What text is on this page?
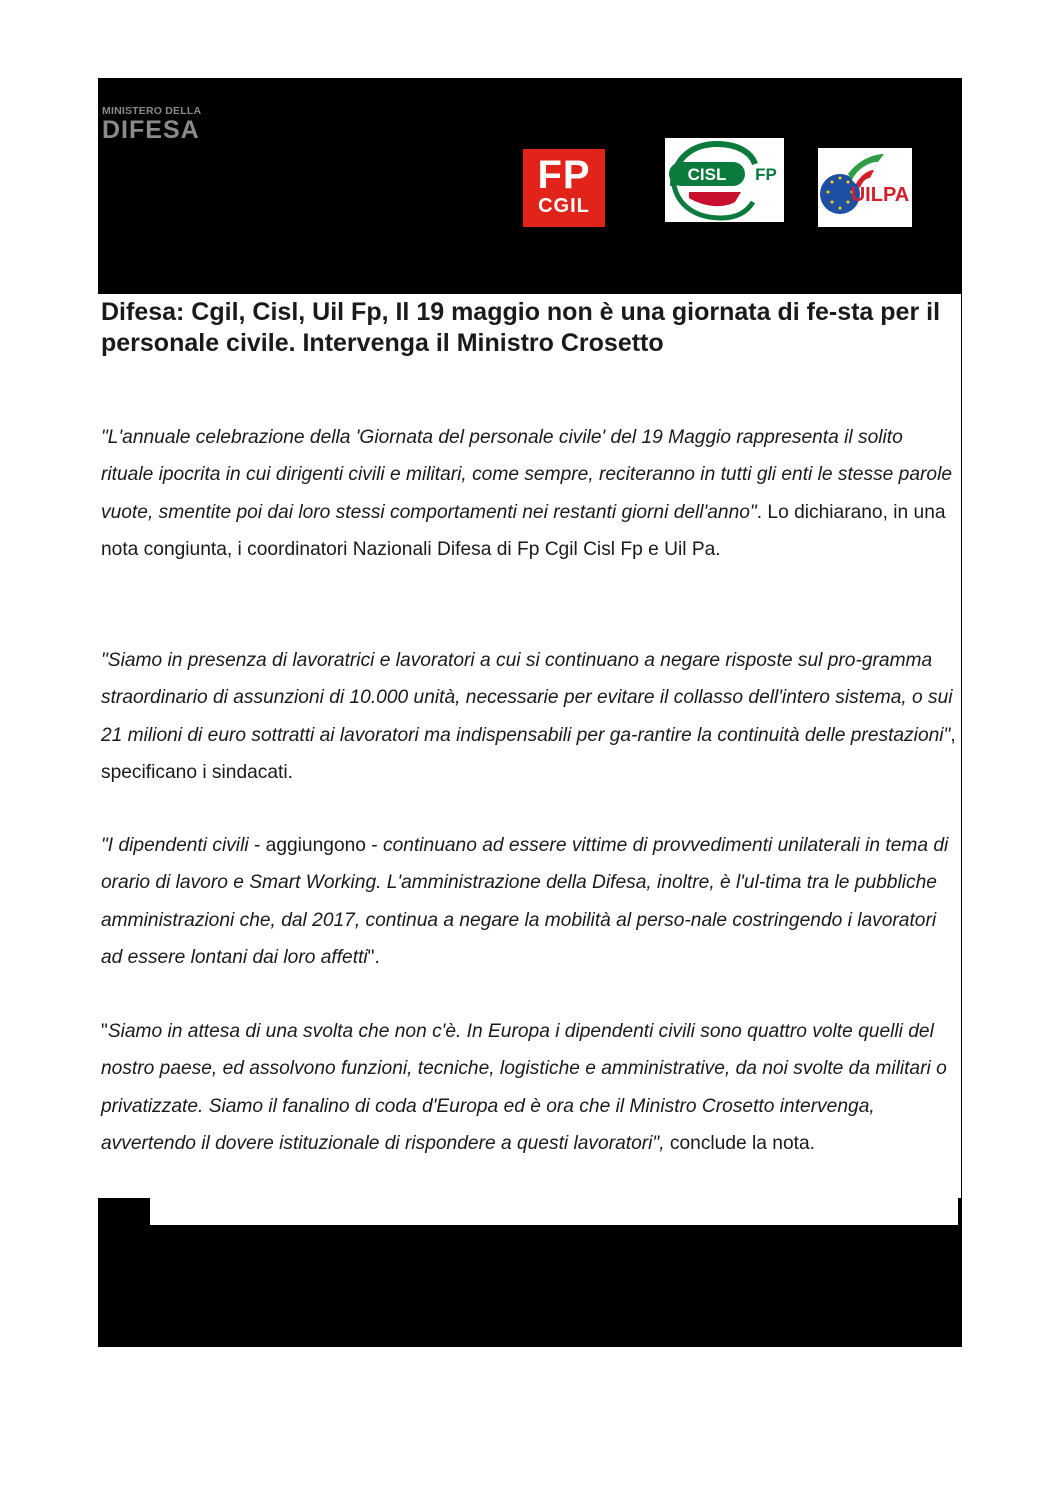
MINISTERO DELLA
DIFESA
FP
CGIL
CISL FP
UILPA
Difesa: Cgil, Cisl, Uil Fp, Il 19 maggio non è una giornata di fe-sta per il personale civile. Intervenga il Ministro Crosetto

"L'annuale celebrazione della 'Giornata del personale civile' del 19 Maggio rappresenta il solito rituale ipocrita in cui dirigenti civili e militari, come sempre, reciteranno in tutti gli enti le stesse parole vuote, smentite poi dai loro stessi comportamenti nei restanti giorni dell'anno". Lo dichiarano, in una nota congiunta, i coordinatori Nazionali Difesa di Fp Cgil Cisl Fp e Uil Pa.

"Siamo in presenza di lavoratrici e lavoratori a cui si continuano a negare risposte sul pro-gramma straordinario di assunzioni di 10.000 unità, necessarie per evitare il collasso dell'intero sistema, o sui 21 milioni di euro sottratti ai lavoratori ma indispensabili per ga-rantire la continuità delle prestazioni", specificano i sindacati.

"I dipendenti civili - aggiungono - continuano ad essere vittime di provvedimenti unilaterali in tema di orario di lavoro e Smart Working. L'amministrazione della Difesa, inoltre, è l'ul-tima tra le pubbliche amministrazioni che, dal 2017, continua a negare la mobilità al perso-nale costringendo i lavoratori ad essere lontani dai loro affetti".

"Siamo in attesa di una svolta che non c'è. In Europa i dipendenti civili sono quattro volte quelli del nostro paese, ed assolvono funzioni, tecniche, logistiche e amministrative, da noi svolte da militari o privatizzate. Siamo il fanalino di coda d'Europa ed è ora che il Ministro Crosetto intervenga, avvertendo il dovere istituzionale di rispondere a questi lavoratori", conclude la nota.
